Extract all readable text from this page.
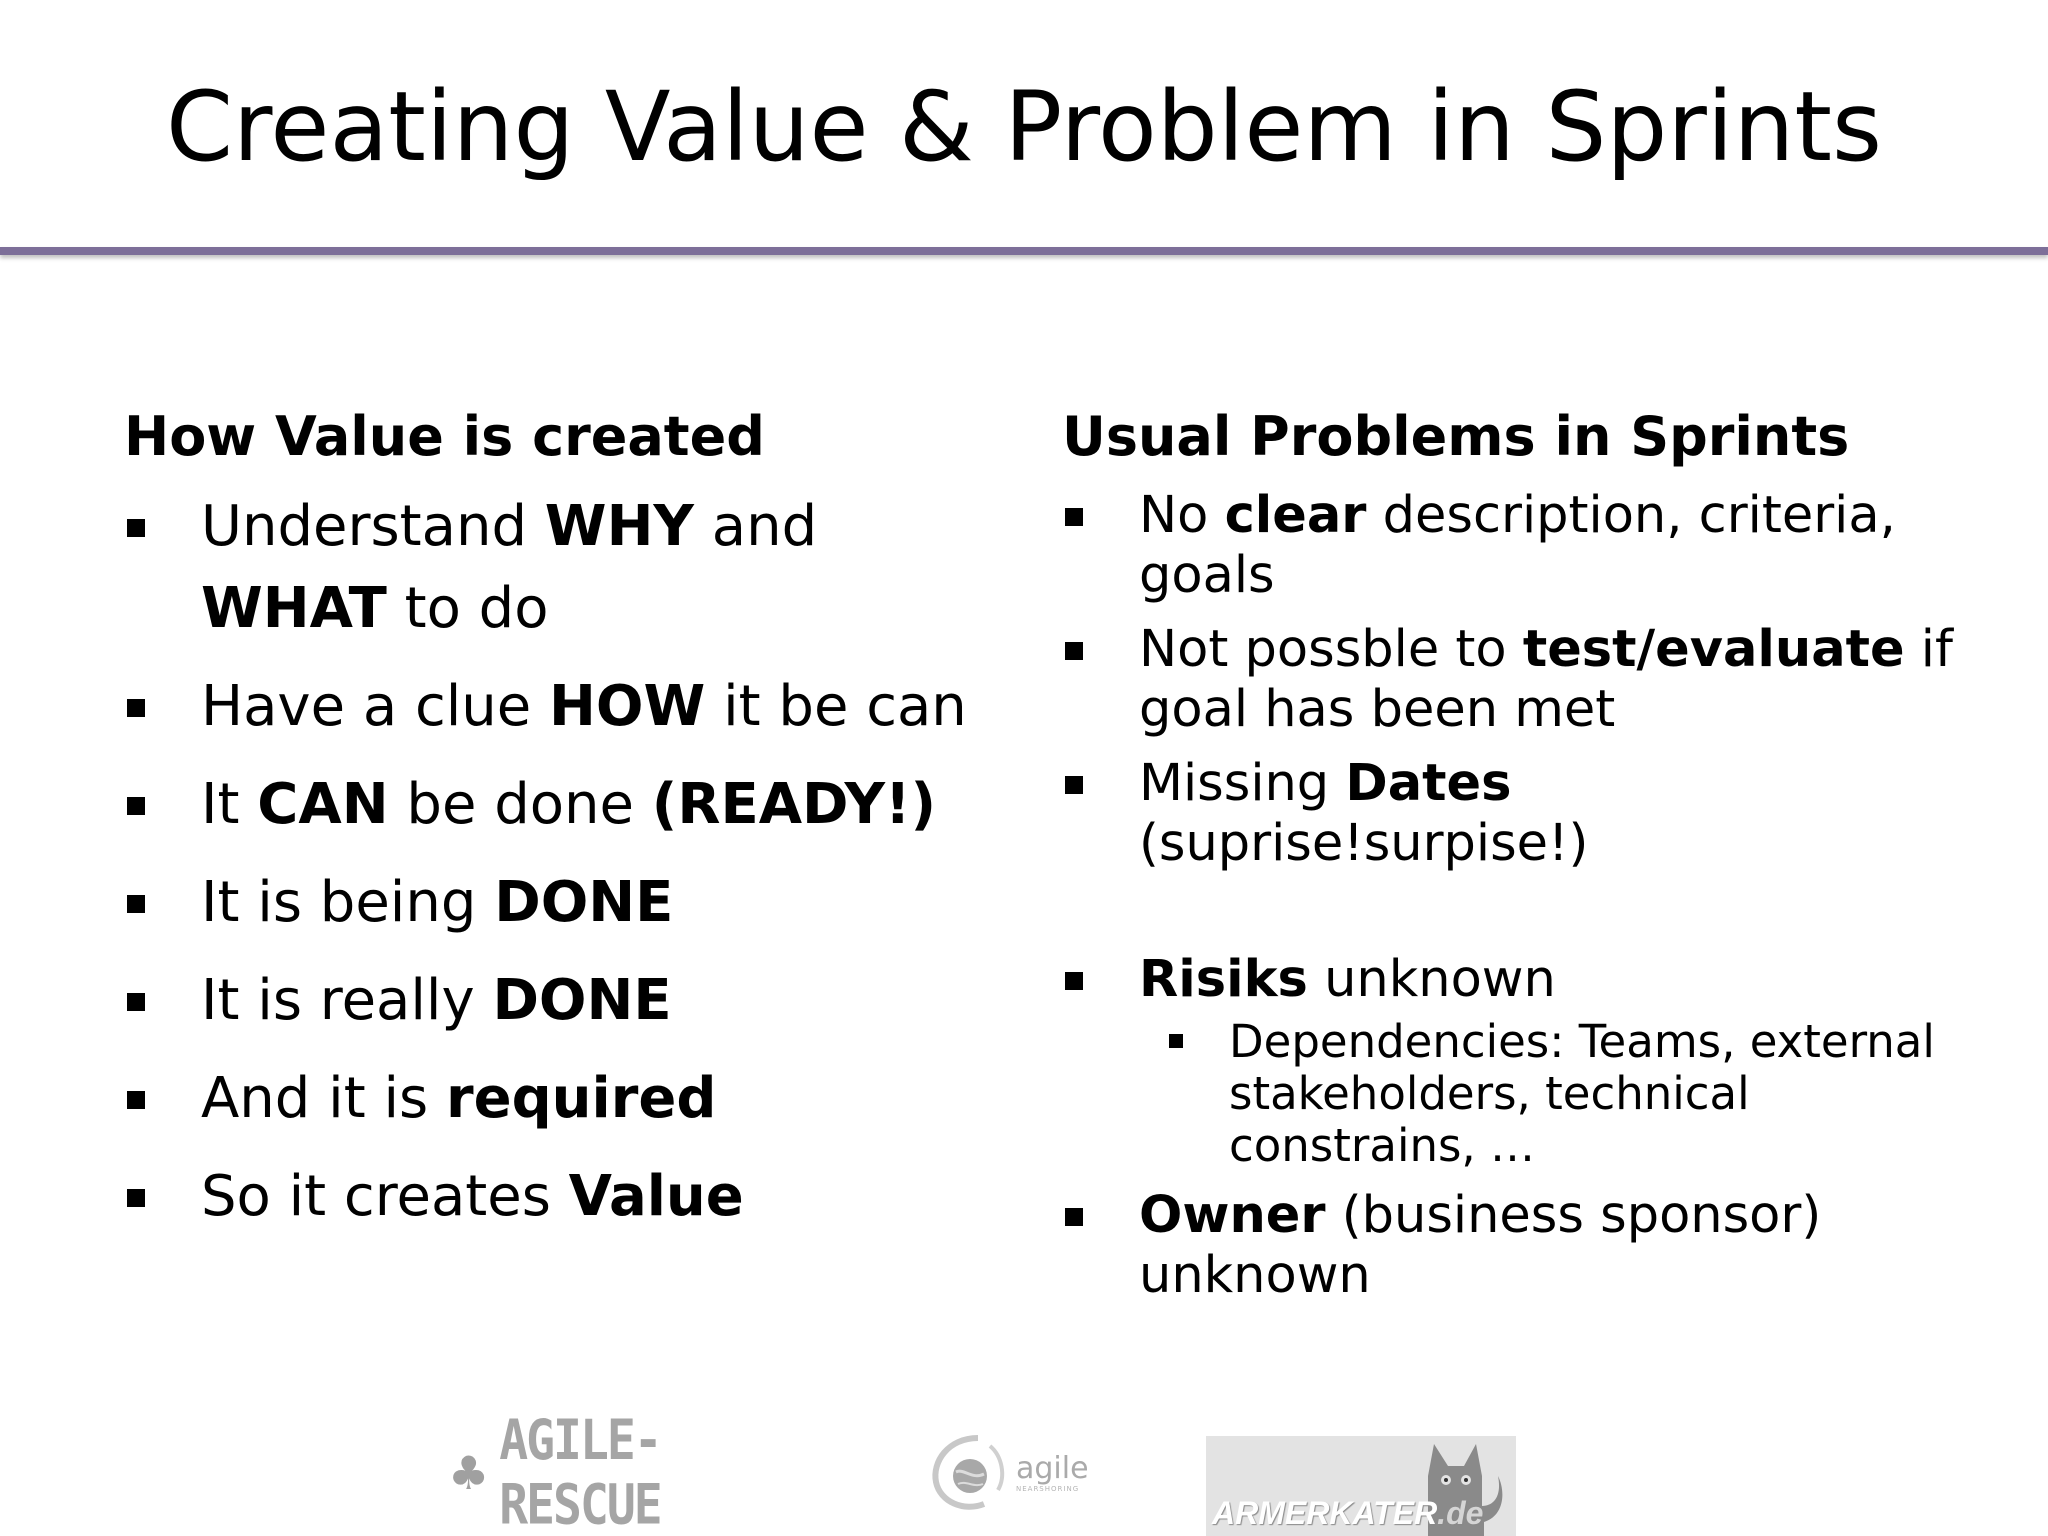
Creating Value & Problem in Sprints
How Value is created
Understand WHY and
WHAT to do
Have a clue HOW it be can
It CAN be done (READY!)
It is being DONE
It is really DONE
And it is required
So it creates Value
Usual Problems in Sprints
No clear description, criteria, goals
Not possble to test/evaluate if goal has been met
Missing Dates
(suprise!surpise!)
Risiks unknown
Dependencies: Teams, external stakeholders, technical constrains, …
Owner (business sponsor) unknown
♣ AGILE-RESCUE
agile
NEARSHORING
ARMERKATER.de
